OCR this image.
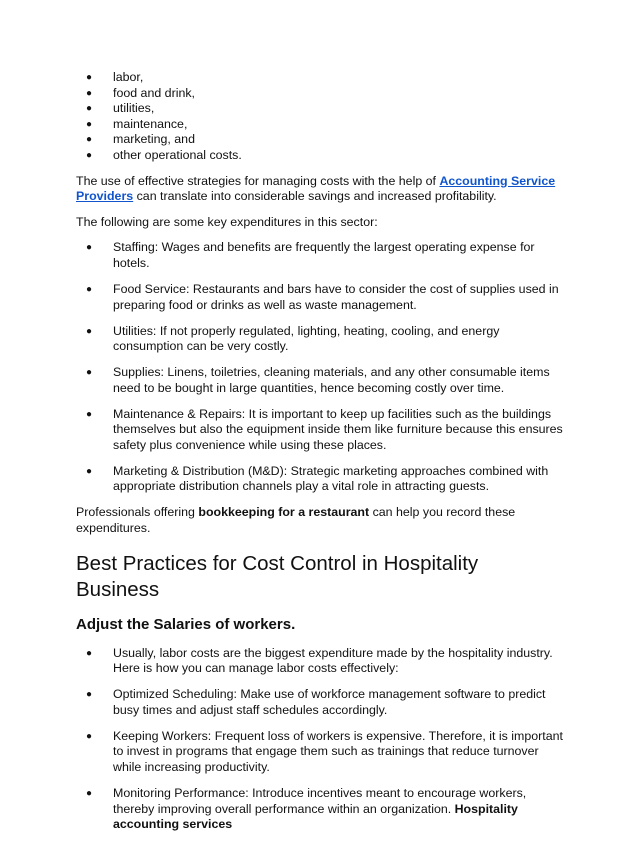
● labor,
● food and drink,
● utilities,
● maintenance,
● marketing, and
● other operational costs.

The use of effective strategies for managing costs with the help of Accounting Service Providers can translate into considerable savings and increased profitability.

The following are some key expenditures in this sector:

● Staffing: Wages and benefits are frequently the largest operating expense for hotels.
● Food Service: Restaurants and bars have to consider the cost of supplies used in preparing food or drinks as well as waste management.
● Utilities: If not properly regulated, lighting, heating, cooling, and energy consumption can be very costly.
● Supplies: Linens, toiletries, cleaning materials, and any other consumable items need to be bought in large quantities, hence becoming costly over time.
● Maintenance & Repairs: It is important to keep up facilities such as the buildings themselves but also the equipment inside them like furniture because this ensures safety plus convenience while using these places.
● Marketing & Distribution (M&D): Strategic marketing approaches combined with appropriate distribution channels play a vital role in attracting guests.

Professionals offering bookkeeping for a restaurant can help you record these expenditures.

Best Practices for Cost Control in Hospitality Business
Adjust the Salaries of workers.
● Usually, labor costs are the biggest expenditure made by the hospitality industry. Here is how you can manage labor costs effectively:
● Optimized Scheduling: Make use of workforce management software to predict busy times and adjust staff schedules accordingly.
● Keeping Workers: Frequent loss of workers is expensive. Therefore, it is important to invest in programs that engage them such as trainings that reduce turnover while increasing productivity.
● Monitoring Performance: Introduce incentives meant to encourage workers, thereby improving overall performance within an organization. Hospitality accounting services
